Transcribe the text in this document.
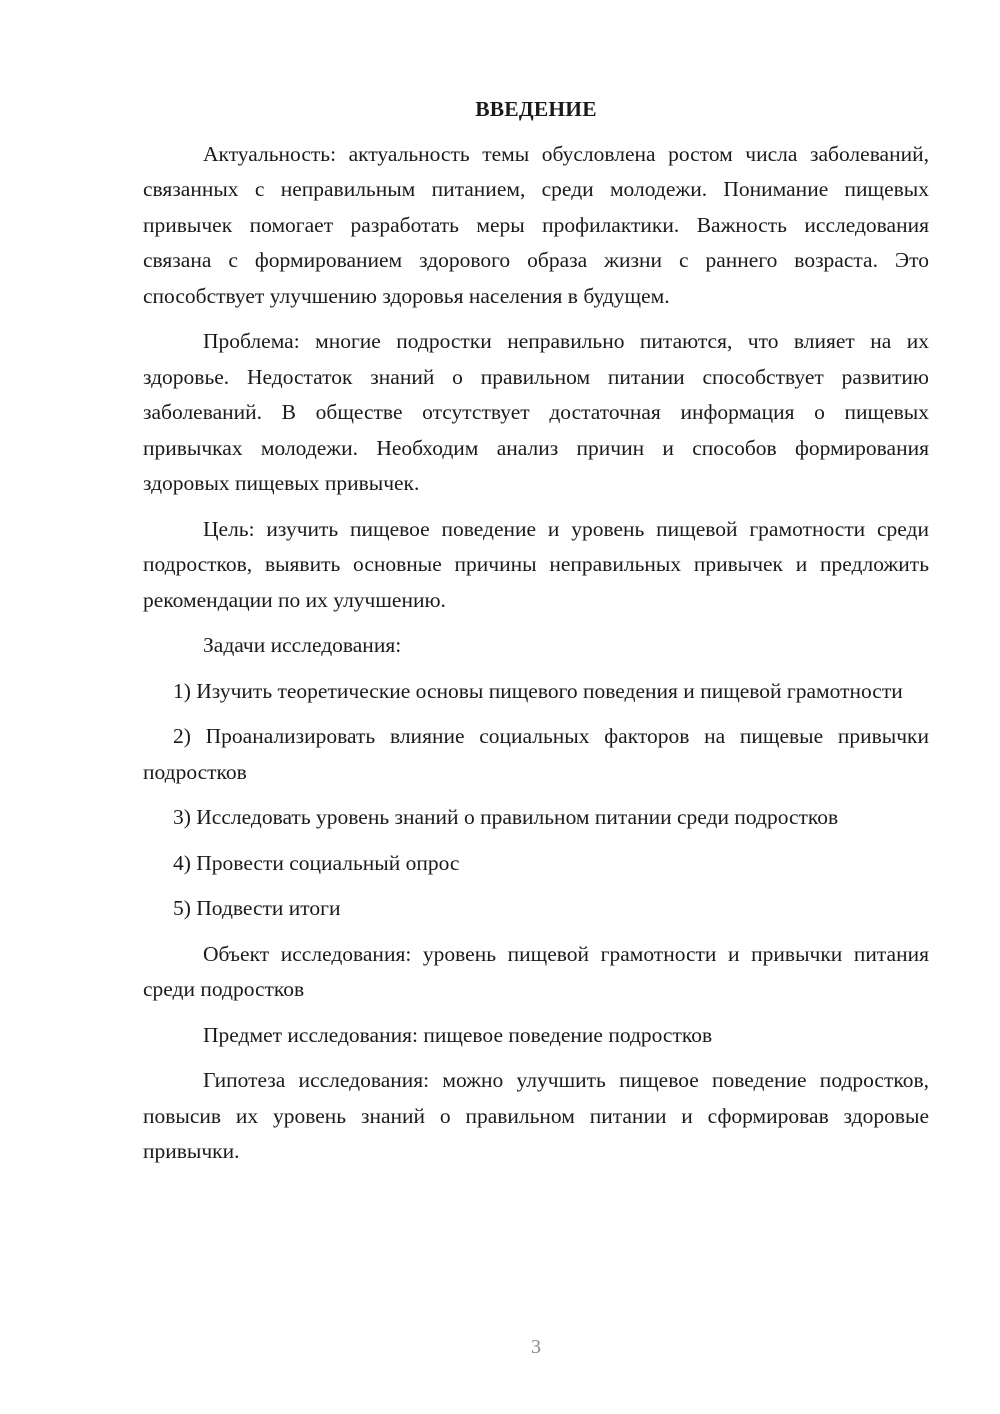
ВВЕДЕНИЕ

Актуальность: актуальность темы обусловлена ростом числа заболеваний, связанных с неправильным питанием, среди молодежи. Понимание пищевых привычек помогает разработать меры профилактики. Важность исследования связана с формированием здорового образа жизни с раннего возраста. Это способствует улучшению здоровья населения в будущем.

Проблема: многие подростки неправильно питаются, что влияет на их здоровье. Недостаток знаний о правильном питании способствует развитию заболеваний. В обществе отсутствует достаточная информация о пищевых привычках молодежи. Необходим анализ причин и способов формирования здоровых пищевых привычек.

Цель: изучить пищевое поведение и уровень пищевой грамотности среди подростков, выявить основные причины неправильных привычек и предложить рекомендации по их улучшению.

Задачи исследования:

1) Изучить теоретические основы пищевого поведения и пищевой грамотности

2) Проанализировать влияние социальных факторов на пищевые привычки подростков

3) Исследовать уровень знаний о правильном питании среди подростков

4) Провести социальный опрос

5) Подвести итоги

Объект исследования: уровень пищевой грамотности и привычки питания среди подростков

Предмет исследования: пищевое поведение подростков

Гипотеза исследования: можно улучшить пищевое поведение подростков, повысив их уровень знаний о правильном питании и сформировав здоровые привычки.

3
